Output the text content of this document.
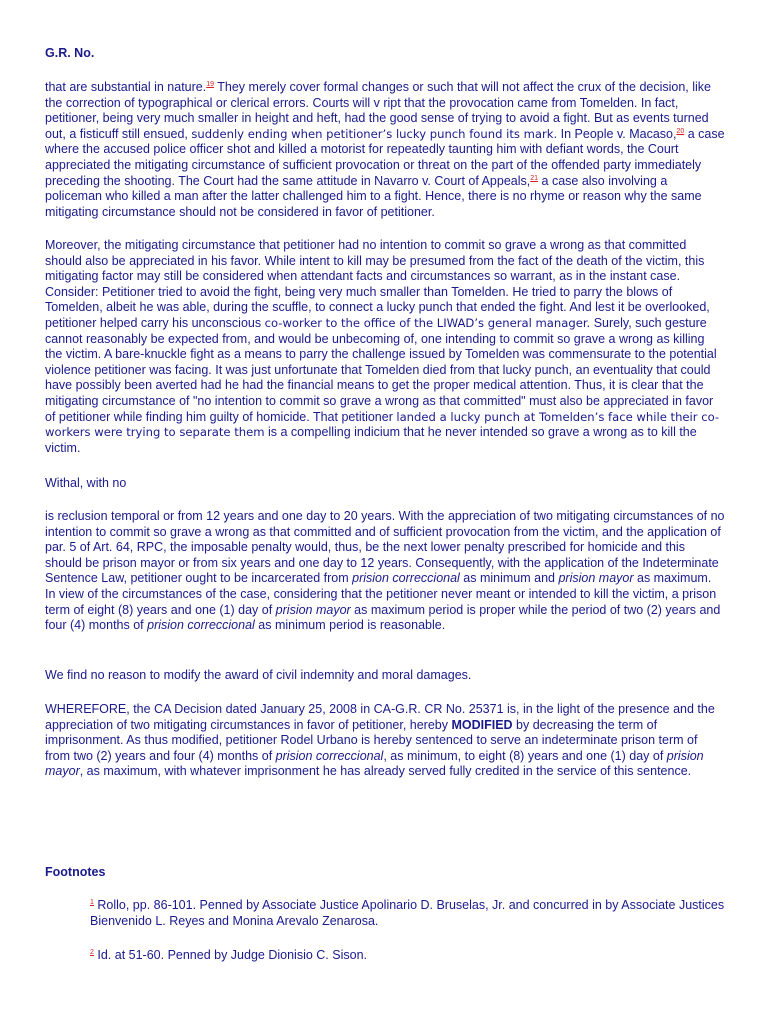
G.R. No.
that are substantial in nature.$^{19}$ They merely cover formal changes or such that will not affect the crux of the decision, like the correction of typographical or clerical errors. Courts will v ript that the provocation came from Tomelden. In fact, petitioner, being very much smaller in height and heft, had the good sense of trying to avoid a fight. But as events turned out, a fisticuff still ensued, suddenly ending when petitioner’s lucky punch found its mark. In People v. Macaso,$^{20}$ a case where the accused police officer shot and killed a motorist for repeatedly taunting him with defiant words, the Court appreciated the mitigating circumstance of sufficient provocation or threat on the part of the offended party immediately preceding the shooting. The Court had the same attitude in Navarro v. Court of Appeals,$^{21}$ a case also involving a policeman who killed a man after the latter challenged him to a fight. Hence, there is no rhyme or reason why the same mitigating circumstance should not be considered in favor of petitioner.
Moreover, the mitigating circumstance that petitioner had no intention to commit so grave a wrong as that committed should also be appreciated in his favor. While intent to kill may be presumed from the fact of the death of the victim, this mitigating factor may still be considered when attendant facts and circumstances so warrant, as in the instant case. Consider: Petitioner tried to avoid the fight, being very much smaller than Tomelden. He tried to parry the blows of Tomelden, albeit he was able, during the scuffle, to connect a lucky punch that ended the fight. And lest it be overlooked, petitioner helped carry his unconscious co-worker to the office of the LIWAD’s general manager. Surely, such gesture cannot reasonably be expected from, and would be unbecoming of, one intending to commit so grave a wrong as killing the victim. A bare-knuckle fight as a means to parry the challenge issued by Tomelden was commensurate to the potential violence petitioner was facing. It was just unfortunate that Tomelden died from that lucky punch, an eventuality that could have possibly been averted had he had the financial means to get the proper medical attention. Thus, it is clear that the mitigating circumstance of "no intention to commit so grave a wrong as that committed" must also be appreciated in favor of petitioner while finding him guilty of homicide. That petitioner landed a lucky punch at Tomelden’s face while their co-workers were trying to separate them is a compelling indicium that he never intended so grave a wrong as to kill the victim.
Withal, with no
is reclusion temporal or from 12 years and one day to 20 years. With the appreciation of two mitigating circumstances of no intention to commit so grave a wrong as that committed and of sufficient provocation from the victim, and the application of par. 5 of Art. 64, RPC, the imposable penalty would, thus, be the next lower penalty prescribed for homicide and this should be prison mayor or from six years and one day to 12 years. Consequently, with the application of the Indeterminate Sentence Law, petitioner ought to be incarcerated from prision correccional as minimum and prision mayor as maximum. In view of the circumstances of the case, considering that the petitioner never meant or intended to kill the victim, a prison term of eight (8) years and one (1) day of prision mayor as maximum period is proper while the period of two (2) years and four (4) months of prision correccional as minimum period is reasonable.
We find no reason to modify the award of civil indemnity and moral damages.
WHEREFORE, the CA Decision dated January 25, 2008 in CA-G.R. CR No. 25371 is, in the light of the presence and the appreciation of two mitigating circumstances in favor of petitioner, hereby MODIFIED by decreasing the term of imprisonment. As thus modified, petitioner Rodel Urbano is hereby sentenced to serve an indeterminate prison term of from two (2) years and four (4) months of prision correccional, as minimum, to eight (8) years and one (1) day of prision mayor, as maximum, with whatever imprisonment he has already served fully credited in the service of this sentence.
Footnotes
$^1$ Rollo, pp. 86-101. Penned by Associate Justice Apolinario D. Bruselas, Jr. and concurred in by Associate Justices Bienvenido L. Reyes and Monina Arevalo Zenarosa.
$^2$ Id. at 51-60. Penned by Judge Dionisio C. Sison.
